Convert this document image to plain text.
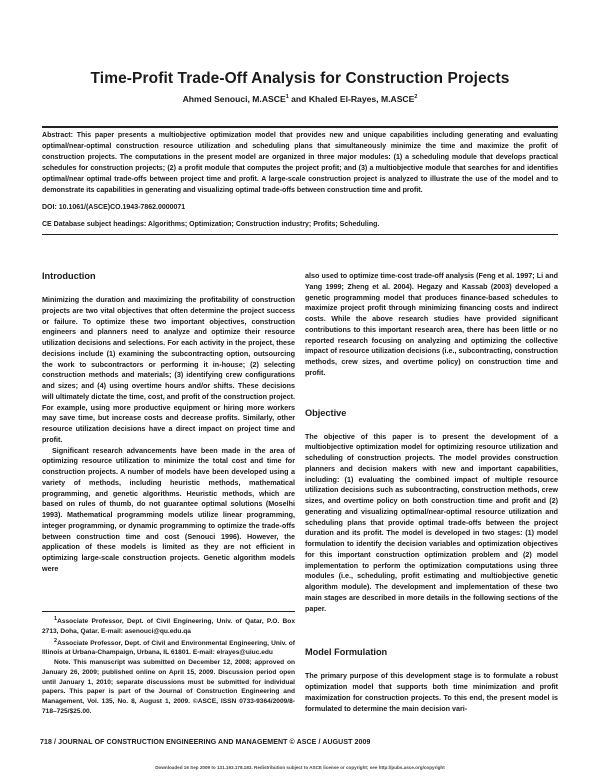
Time-Profit Trade-Off Analysis for Construction Projects
Ahmed Senouci, M.ASCE$^1$ and Khaled El-Rayes, M.ASCE$^2$
Abstract: This paper presents a multiobjective optimization model that provides new and unique capabilities including generating and evaluating optimal/near-optimal construction resource utilization and scheduling plans that simultaneously minimize the time and maximize the profit of construction projects. The computations in the present model are organized in three major modules: (1) a scheduling module that develops practical schedules for construction projects; (2) a profit module that computes the project profit; and (3) a multiobjective module that searches for and identifies optimal/near optimal trade-offs between project time and profit. A large-scale construction project is analyzed to illustrate the use of the model and to demonstrate its capabilities in generating and visualizing optimal trade-offs between construction time and profit.
DOI: 10.1061/(ASCE)CO.1943-7862.0000071
CE Database subject headings: Algorithms; Optimization; Construction industry; Profits; Scheduling.
Introduction

Minimizing the duration and maximizing the profitability of construction projects are two vital objectives that often determine the project success or failure. To optimize these two important objectives, construction engineers and planners need to analyze and optimize their resource utilization decisions and selections. For each activity in the project, these decisions include (1) examining the subcontracting option, outsourcing the work to subcontractors or performing it in-house; (2) selecting construction methods and materials; (3) identifying crew configurations and sizes; and (4) using overtime hours and/or shifts. These decisions will ultimately dictate the time, cost, and profit of the construction project. For example, using more productive equipment or hiring more workers may save time, but increase costs and decrease profits. Similarly, other resource utilization decisions have a direct impact on project time and profit.

Significant research advancements have been made in the area of optimizing resource utilization to minimize the total cost and time for construction projects. A number of models have been developed using a variety of methods, including heuristic methods, mathematical programming, and genetic algorithms. Heuristic methods, which are based on rules of thumb, do not guarantee optimal solutions (Moselhi 1993). Mathematical programming models utilize linear programming, integer programming, or dynamic programming to optimize the trade-offs between construction time and cost (Senouci 1996). However, the application of these models is limited as they are not efficient in optimizing large-scale construction projects. Genetic algorithm models were

$^1$Associate Professor, Dept. of Civil Engineering, Univ. of Qatar, P.O. Box 2713, Doha, Qatar. E-mail: asenouci@qu.edu.qa

$^2$Associate Professor, Dept. of Civil and Environmental Engineering, Univ. of Illinois at Urbana-Champaign, Urbana, IL 61801. E-mail: elrayes@uiuc.edu

Note. This manuscript was submitted on December 12, 2008; approved on January 26, 2009; published online on April 15, 2009. Discussion period open until January 1, 2010; separate discussions must be submitted for individual papers. This paper is part of the Journal of Construction Engineering and Management, Vol. 135, No. 8, August 1, 2009. ©ASCE, ISSN 0733-9364/2009/8-718–725/$25.00.

also used to optimize time-cost trade-off analysis (Feng et al. 1997; Li and Yang 1999; Zheng et al. 2004). Hegazy and Kassab (2003) developed a genetic programming model that produces finance-based schedules to maximize project profit through minimizing financing costs and indirect costs. While the above research studies have provided significant contributions to this important research area, there has been little or no reported research focusing on analyzing and optimizing the collective impact of resource utilization decisions (i.e., subcontracting, construction methods, crew sizes, and overtime policy) on construction time and profit.

Objective

The objective of this paper is to present the development of a multiobjective optimization model for optimizing resource utilization and scheduling of construction projects. The model provides construction planners and decision makers with new and important capabilities, including: (1) evaluating the combined impact of multiple resource utilization decisions such as subcontracting, construction methods, crew sizes, and overtime policy on both construction time and profit and (2) generating and visualizing optimal/near-optimal resource utilization and scheduling plans that provide optimal trade-offs between the project duration and its profit. The model is developed in two stages: (1) model formulation to identify the decision variables and optimization objectives for this important construction optimization problem and (2) model implementation to perform the optimization computations using three modules (i.e., scheduling, profit estimating and multiobjective genetic algorithm module). The development and implementation of these two main stages are described in more details in the following sections of the paper.

Model Formulation

The primary purpose of this development stage is to formulate a robust optimization model that supports both time minimization and profit maximization for construction projects. To this end, the present model is formulated to determine the main decision vari-

718 / JOURNAL OF CONSTRUCTION ENGINEERING AND MANAGEMENT © ASCE / AUGUST 2009
Downloaded 16 Sep 2009 to 131.193.178.183. Redistribution subject to ASCE license or copyright; see http://pubs.asce.org/copyright
